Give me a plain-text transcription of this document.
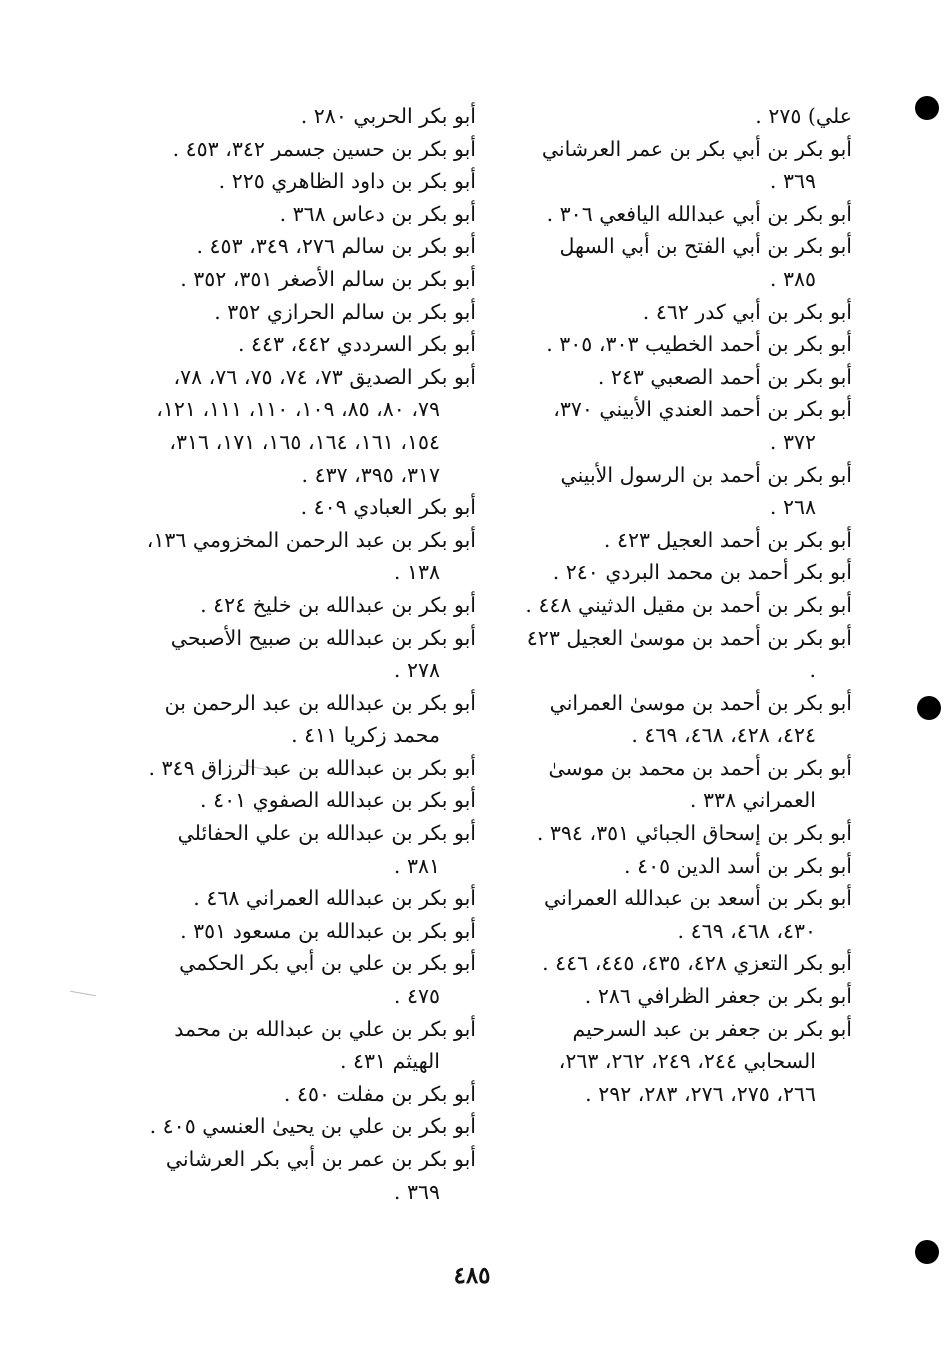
علي) ٢٧٥ .
أبو بكر بن أبي بكر بن عمر العرشاني ٣٦٩ .
أبو بكر بن أبي عبدالله اليافعي ٣٠٦ .
أبو بكر بن أبي الفتح بن أبي السهل ٣٨٥ .
أبو بكر بن أبي كدر ٤٦٢ .
أبو بكر بن أحمد الخطيب ٣٠٣، ٣٠٥ .
أبو بكر بن أحمد الصعبي ٢٤٣ .
أبو بكر بن أحمد العندي الأبيني ٣٧٠، ٣٧٢ .
أبو بكر بن أحمد بن الرسول الأبيني ٢٦٨ .
أبو بكر بن أحمد العجيل ٤٢٣ .
أبو بكر أحمد بن محمد البردي ٢٤٠ .
أبو بكر بن أحمد بن مقيل الدثيني ٤٤٨ .
أبو بكر بن أحمد بن موسىٰ العجيل ٤٢٣ .
أبو بكر بن أحمد بن موسىٰ العمراني ٤٢٤، ٤٢٨، ٤٦٨، ٤٦٩ .
أبو بكر بن أحمد بن محمد بن موسىٰ العمراني ٣٣٨ .
أبو بكر بن إسحاق الجبائي ٣٥١، ٣٩٤ .
أبو بكر بن أسد الدين ٤٠٥ .
أبو بكر بن أسعد بن عبدالله العمراني ٤٣٠، ٤٦٨، ٤٦٩ .
أبو بكر التعزي ٤٢٨، ٤٣٥، ٤٤٥، ٤٤٦ .
أبو بكر بن جعفر الظرافي ٢٨٦ .
أبو بكر بن جعفر بن عبد السرحيم السحابي ٢٤٤، ٢٤٩، ٢٦٢، ٢٦٣، ٢٦٦، ٢٧٥، ٢٧٦، ٢٨٣، ٢٩٢ .
أبو بكر الحربي ٢٨٠ .
أبو بكر بن حسين جسمر ٣٤٢، ٤٥٣ .
أبو بكر بن داود الظاهري ٢٢٥ .
أبو بكر بن دعاس ٣٦٨ .
أبو بكر بن سالم ٢٧٦، ٣٤٩، ٤٥٣ .
أبو بكر بن سالم الأصغر ٣٥١، ٣٥٢ .
أبو بكر بن سالم الحرازي ٣٥٢ .
أبو بكر السرددي ٤٤٢، ٤٤٣ .
أبو بكر الصديق ٧٣، ٧٤، ٧٥، ٧٦، ٧٨، ٧٩، ٨٠، ٨٥، ١٠٩، ١١٠، ١١١، ١٢١، ١٥٤، ١٦١، ١٦٤، ١٦٥، ١٧١، ٣١٦، ٣١٧، ٣٩٥، ٤٣٧ .
أبو بكر العبادي ٤٠٩ .
أبو بكر بن عبد الرحمن المخزومي ١٣٦، ١٣٨ .
أبو بكر بن عبدالله بن خليخ ٤٢٤ .
أبو بكر بن عبدالله بن صبيح الأصبحي ٢٧٨ .
أبو بكر بن عبدالله بن عبد الرحمن بن محمد زكريا ٤١١ .
أبو بكر بن عبدالله بن عبد الرزاق ٣٤٩ .
أبو بكر بن عبدالله الصفوي ٤٠١ .
أبو بكر بن عبدالله بن علي الحفائلي ٣٨١ .
أبو بكر بن عبدالله العمراني ٤٦٨ .
أبو بكر بن عبدالله بن مسعود ٣٥١ .
أبو بكر بن علي بن أبي بكر الحكمي ٤٧٥ .
أبو بكر بن علي بن عبدالله بن محمد الهيثم ٤٣١ .
أبو بكر بن مفلت ٤٥٠ .
أبو بكر بن علي بن يحيىٰ العنسي ٤٠٥ .
أبو بكر بن عمر بن أبي بكر العرشاني ٣٦٩ .
٤٨٥
